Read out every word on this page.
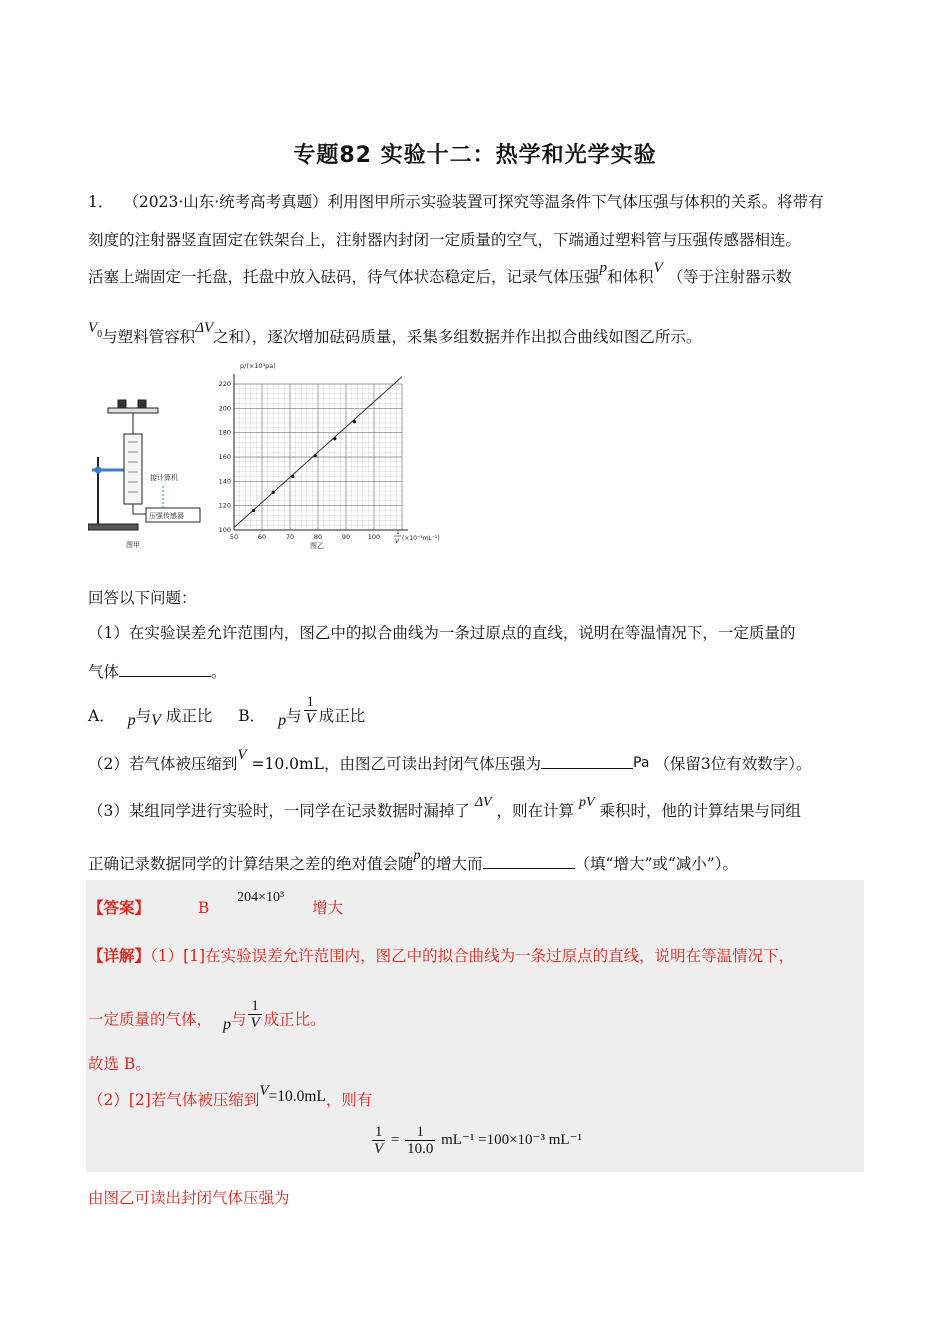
专题82 实验十二：热学和光学实验
1． （2023·山东·统考高考真题）利用图甲所示实验装置可探究等温条件下气体压强与体积的关系。将带有
刻度的注射器竖直固定在铁架台上，注射器内封闭一定质量的空气，下端通过塑料管与压强传感器相连。
活塞上端固定一托盘，托盘中放入砝码，待气体状态稳定后，记录气体压强p和体积V （等于注射器示数
$V_0$与塑料管容积ΔV之和），逐次增加砝码质量，采集多组数据并作出拟合曲线如图乙所示。
接计算机
压强传感器
图甲
50	60	70	80	90	100
100
120
140
160
180
200
220
p/(×10³pa)
图乙
1
V (×10⁻³mL⁻¹)
回答以下问题：
（1）在实验误差允许范围内，图乙中的拟合曲线为一条过原点的直线，说明在等温情况下，一定质量的
气体	。
A． p与V 成正比 B． p与 $\frac{1}{V}$ 成正比
（2）若气体被压缩到V =10.0mL，由图乙可读出封闭气体压强为	Pa （保留3位有效数字）。
（3）某组同学进行实验时，一同学在记录数据时漏掉了 ΔV ，则在计算 pV 乘积时，他的计算结果与同组
正确记录数据同学的计算结果之差的绝对值会随p的增大而	（填“增大”或“减小”）。
【答案】	B  204×10³  增大
【详解】（1）[1]在实验误差允许范围内，图乙中的拟合曲线为一条过原点的直线，说明在等温情况下，
一定质量的气体， p与 $\frac{1}{V}$ 成正比。
故选 B。
（2）[2]若气体被压缩到V=10.0mL，则有
$\frac{1}{V} = \frac{1}{10.0} mL^{-1} =100\times 10^{-3}$ mL⁻¹
由图乙可读出封闭气体压强为
